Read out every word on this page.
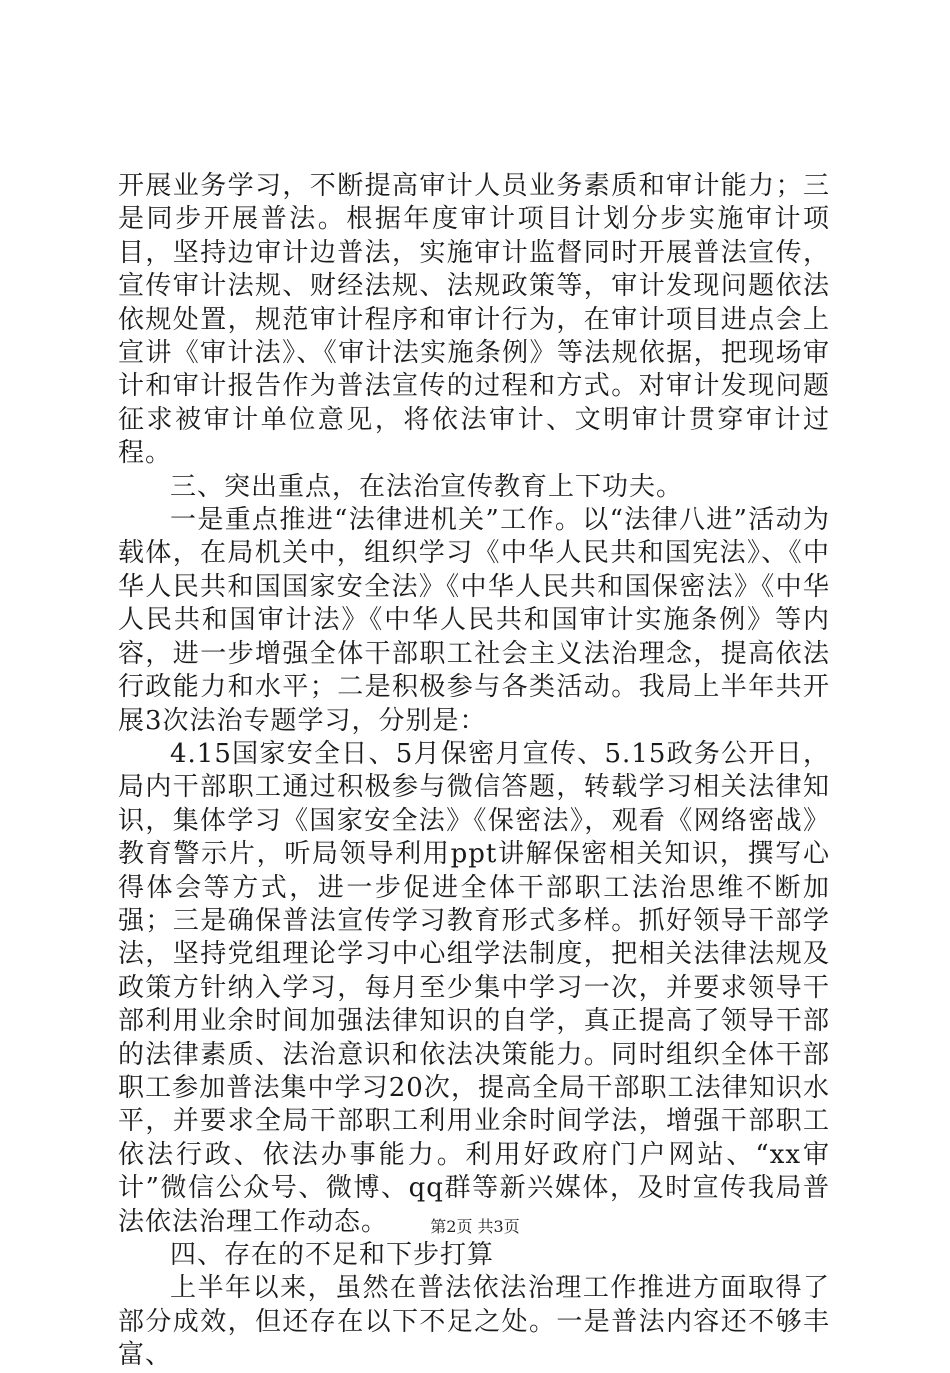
开展业务学习，不断提高审计人员业务素质和审计能力；三是同步开展普法。根据年度审计项目计划分步实施审计项目，坚持边审计边普法，实施审计监督同时开展普法宣传，宣传审计法规、财经法规、法规政策等，审计发现问题依法依规处置，规范审计程序和审计行为，在审计项目进点会上宣讲《审计法》、《审计法实施条例》等法规依据，把现场审计和审计报告作为普法宣传的过程和方式。对审计发现问题征求被审计单位意见，将依法审计、文明审计贯穿审计过程。

三、突出重点，在法治宣传教育上下功夫。

一是重点推进“法律进机关”工作。以“法律八进”活动为载体，在局机关中，组织学习《中华人民共和国宪法》、《中华人民共和国国家安全法》《中华人民共和国保密法》《中华人民共和国审计法》《中华人民共和国审计实施条例》等内容，进一步增强全体干部职工社会主义法治理念，提高依法行政能力和水平；二是积极参与各类活动。我局上半年共开展3次法治专题学习，分别是：

4.15国家安全日、5月保密月宣传、5.15政务公开日，局内干部职工通过积极参与微信答题，转载学习相关法律知识，集体学习《国家安全法》《保密法》，观看《网络密战》教育警示片，听局领导利用ppt讲解保密相关知识，撰写心得体会等方式，进一步促进全体干部职工法治思维不断加强；三是确保普法宣传学习教育形式多样。抓好领导干部学法，坚持党组理论学习中心组学法制度，把相关法律法规及政策方针纳入学习，每月至少集中学习一次，并要求领导干部利用业余时间加强法律知识的自学，真正提高了领导干部的法律素质、法治意识和依法决策能力。同时组织全体干部职工参加普法集中学习20次，提高全局干部职工法律知识水平，并要求全局干部职工利用业余时间学法，增强干部职工依法行政、依法办事能力。利用好政府门户网站、“xx审计”微信公众号、微博、qq群等新兴媒体，及时宣传我局普法依法治理工作动态。

四、存在的不足和下步打算

上半年以来，虽然在普法依法治理工作推进方面取得了部分成效，但还存在以下不足之处。一是普法内容还不够丰富、

第2页 共3页
